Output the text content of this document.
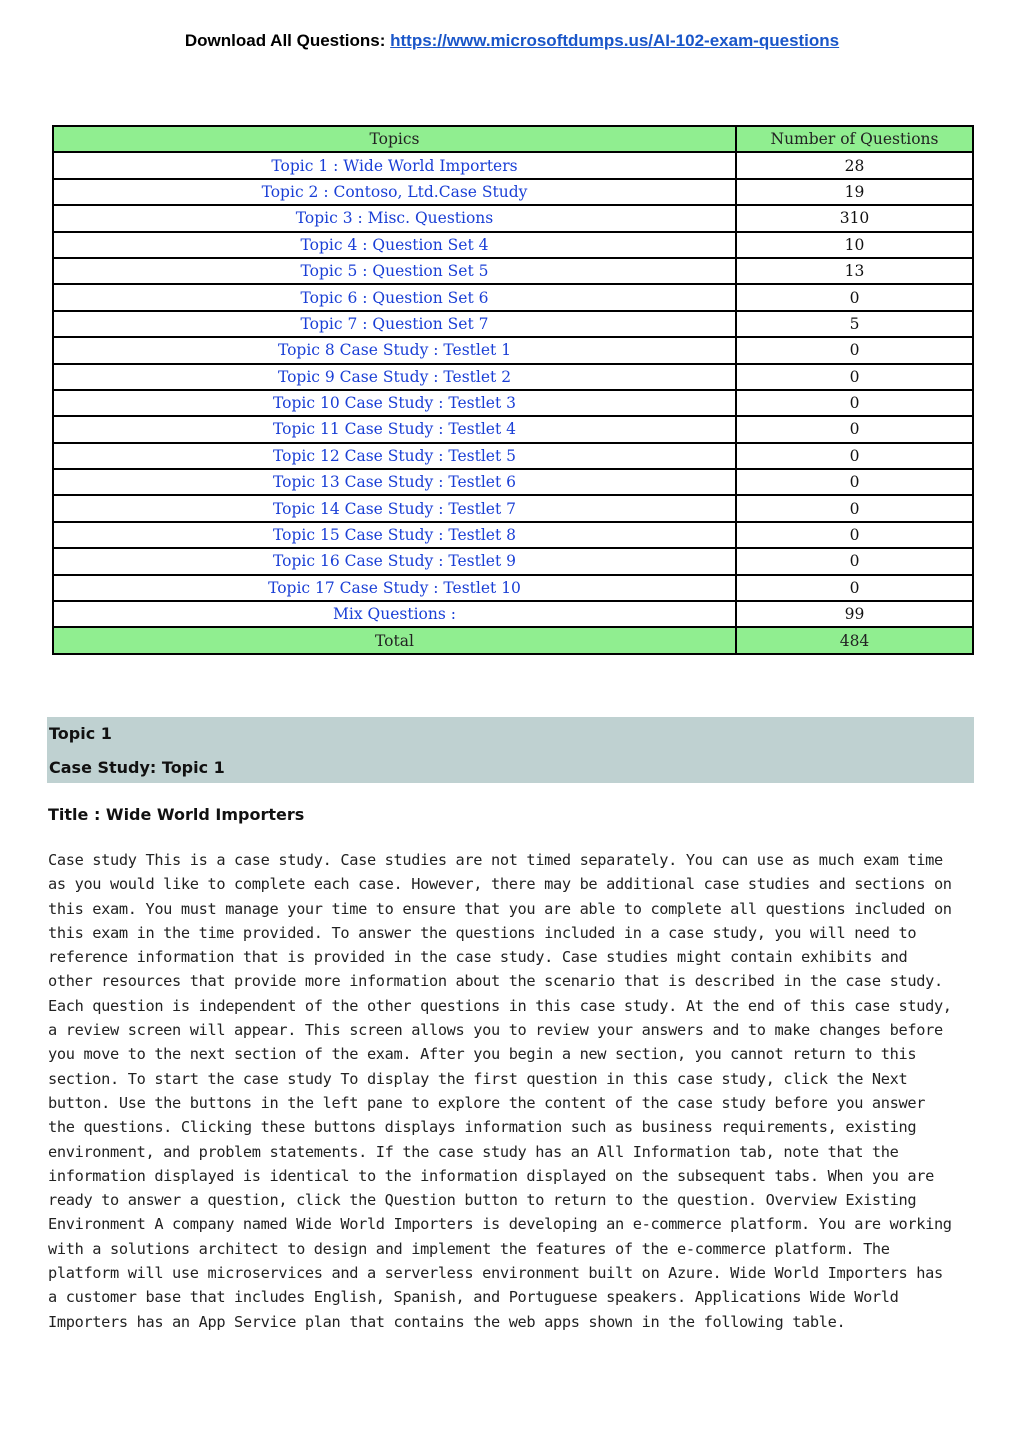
Download All Questions: https://www.microsoftdumps.us/AI-102-exam-questions
Topics	Number of Questions
Topic 1 : Wide World Importers	28
Topic 2 : Contoso, Ltd.Case Study	19
Topic 3 : Misc. Questions	310
Topic 4 : Question Set 4	10
Topic 5 : Question Set 5	13
Topic 6 : Question Set 6	0
Topic 7 : Question Set 7	5
Topic 8 Case Study : Testlet 1	0
Topic 9 Case Study : Testlet 2	0
Topic 10 Case Study : Testlet 3	0
Topic 11 Case Study : Testlet 4	0
Topic 12 Case Study : Testlet 5	0
Topic 13 Case Study : Testlet 6	0
Topic 14 Case Study : Testlet 7	0
Topic 15 Case Study : Testlet 8	0
Topic 16 Case Study : Testlet 9	0
Topic 17 Case Study : Testlet 10	0
Mix Questions :	99
Total	484
Topic 1
Case Study: Topic 1
Title : Wide World Importers
Case study This is a case study. Case studies are not timed separately. You can use as much exam time
as you would like to complete each case. However, there may be additional case studies and sections on
this exam. You must manage your time to ensure that you are able to complete all questions included on
this exam in the time provided. To answer the questions included in a case study, you will need to
reference information that is provided in the case study. Case studies might contain exhibits and
other resources that provide more information about the scenario that is described in the case study.
Each question is independent of the other questions in this case study. At the end of this case study,
a review screen will appear. This screen allows you to review your answers and to make changes before
you move to the next section of the exam. After you begin a new section, you cannot return to this
section. To start the case study To display the first question in this case study, click the Next
button. Use the buttons in the left pane to explore the content of the case study before you answer
the questions. Clicking these buttons displays information such as business requirements, existing
environment, and problem statements. If the case study has an All Information tab, note that the
information displayed is identical to the information displayed on the subsequent tabs. When you are
ready to answer a question, click the Question button to return to the question. Overview Existing
Environment A company named Wide World Importers is developing an e-commerce platform. You are working
with a solutions architect to design and implement the features of the e-commerce platform. The
platform will use microservices and a serverless environment built on Azure. Wide World Importers has
a customer base that includes English, Spanish, and Portuguese speakers. Applications Wide World
Importers has an App Service plan that contains the web apps shown in the following table.
